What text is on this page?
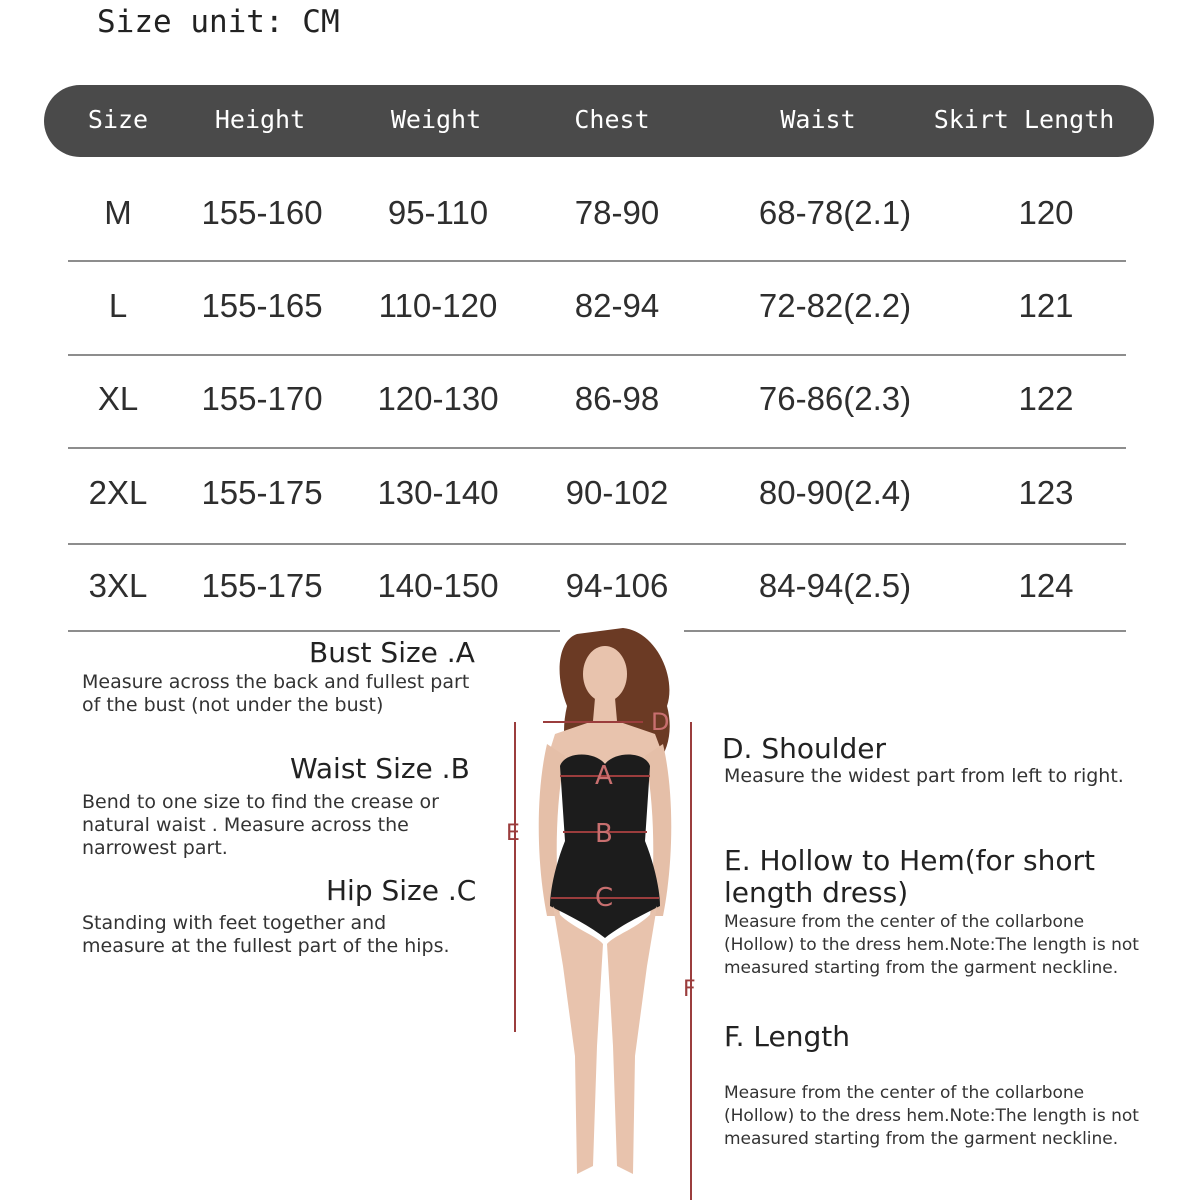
Size unit: CM
Size	Height	Weight	Chest	Waist	Skirt Length
M 155-160 95-110	78-90	68-78(2.1)	120
L 155-165 110-120 82-94	72-82(2.2)	121
XL 155-170 120-130 86-98	76-86(2.3)	122
2XL 155-175 130-140 90-102	80-90(2.4)	123
3XL 155-175 140-150 94-106	84-94(2.5)	124
Bust Size .A
Measure across the back and fullest part of the bust (not under the bust)
Waist Size .B
Bend to one size to find the crease or natural waist . Measure across the narrowest part.
Hip Size .C
Standing with feet together and measure at the fullest part of the hips.
D. Shoulder
Measure the widest part from left to right.
E. Hollow to Hem(for short length dress)
Measure from the center of the collarbone (Hollow) to the dress hem.Note:The length is not measured starting from the garment neckline.
F. Length
Measure from the center of the collarbone (Hollow) to the dress hem.Note:The length is not measured starting from the garment neckline.
D
A
B
C
E
F
